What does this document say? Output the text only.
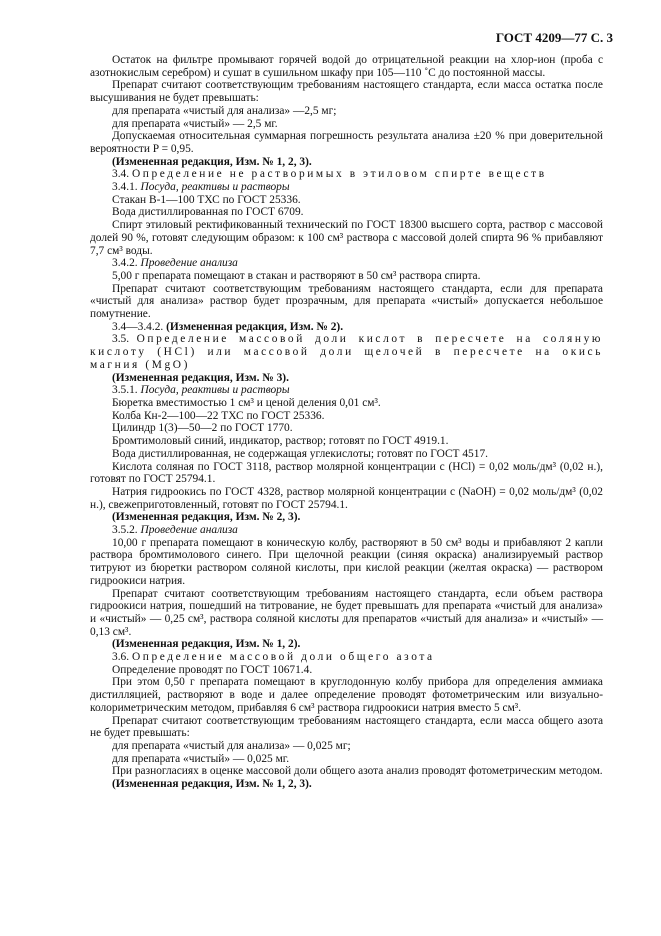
ГОСТ 4209—77 С. 3

Остаток на фильтре промывают горячей водой до отрицательной реакции на хлор-ион (проба с азотнокислым серебром) и сушат в сушильном шкафу при 105—110 ˚С до постоянной массы.

Препарат считают соответствующим требованиям настоящего стандарта, если масса остатка после высушивания не будет превышать:

для препарата «чистый для анализа» —2,5 мг;

для препарата «чистый» — 2,5 мг.

Допускаемая относительная суммарная погрешность результата анализа ±20 % при доверительной вероятности P = 0,95.

(Измененная редакция, Изм. № 1, 2, 3).

3.4. Определение не растворимых в этиловом спирте веществ

3.4.1. Посуда, реактивы и растворы

Стакан В-1—100 ТХС по ГОСТ 25336.

Вода дистиллированная по ГОСТ 6709.

Спирт этиловый ректификованный технический по ГОСТ 18300 высшего сорта, раствор с массовой долей 90 %, готовят следующим образом: к 100 см³ раствора с массовой долей спирта 96 % прибавляют 7,7 см³ воды.

3.4.2. Проведение анализа

5,00 г препарата помещают в стакан и растворяют в 50 см³ раствора спирта.

Препарат считают соответствующим требованиям настоящего стандарта, если для препарата «чистый для анализа» раствор будет прозрачным, для препарата «чистый» допускается небольшое помутнение.

3.4—3.4.2. (Измененная редакция, Изм. № 2).

3.5. Определение массовой доли кислот в пересчете на соляную кислоту (HCl) или массовой доли щелочей в пересчете на окись магния (MgO)

(Измененная редакция, Изм. № 3).

3.5.1. Посуда, реактивы и растворы

Бюретка вместимостью 1 см³ и ценой деления 0,01 см³.

Колба Кн-2—100—22 ТХС по ГОСТ 25336.

Цилиндр 1(3)—50—2 по ГОСТ 1770.

Бромтимоловый синий, индикатор, раствор; готовят по ГОСТ 4919.1.

Вода дистиллированная, не содержащая углекислоты; готовят по ГОСТ 4517.

Кислота соляная по ГОСТ 3118, раствор молярной концентрации c (HCl) = 0,02 моль/дм³ (0,02 н.), готовят по ГОСТ 25794.1.

Натрия гидроокись по ГОСТ 4328, раствор молярной концентрации c (NaOH) = 0,02 моль/дм³ (0,02 н.), свежеприготовленный, готовят по ГОСТ 25794.1.

(Измененная редакция, Изм. № 2, 3).

3.5.2. Проведение анализа

10,00 г препарата помещают в коническую колбу, растворяют в 50 см³ воды и прибавляют 2 капли раствора бромтимолового синего. При щелочной реакции (синяя окраска) анализируемый раствор титруют из бюретки раствором соляной кислоты, при кислой реакции (желтая окраска) — раствором гидроокиси натрия.

Препарат считают соответствующим требованиям настоящего стандарта, если объем раствора гидроокиси натрия, пошедший на титрование, не будет превышать для препарата «чистый для анализа» и «чистый» — 0,25 см³, раствора соляной кислоты для препаратов «чистый для анализа» и «чистый» — 0,13 см³.

(Измененная редакция, Изм. № 1, 2).

3.6. Определение массовой доли общего азота

Определение проводят по ГОСТ 10671.4.

При этом 0,50 г препарата помещают в круглодонную колбу прибора для определения аммиака дистилляцией, растворяют в воде и далее определение проводят фотометрическим или визуально-колориметрическим методом, прибавляя 6 см³ раствора гидроокиси натрия вместо 5 см³.

Препарат считают соответствующим требованиям настоящего стандарта, если масса общего азота не будет превышать:

для препарата «чистый для анализа» — 0,025 мг;

для препарата «чистый» — 0,025 мг.

При разногласиях в оценке массовой доли общего азота анализ проводят фотометрическим методом.

(Измененная редакция, Изм. № 1, 2, 3).
